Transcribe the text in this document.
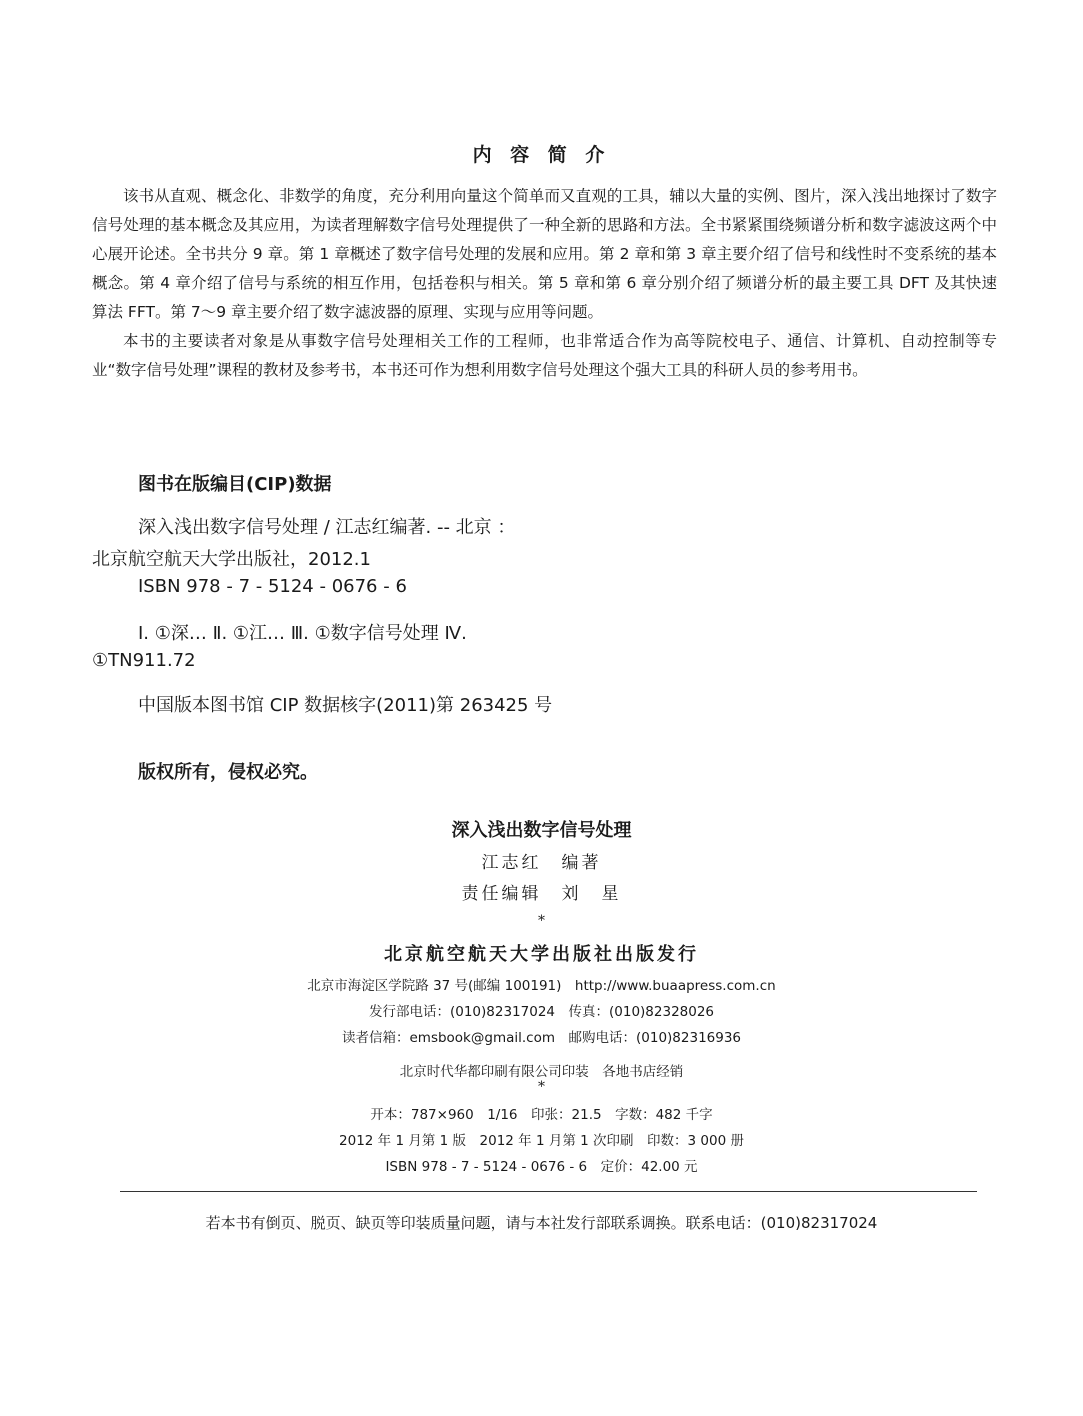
内 容 简 介

该书从直观、概念化、非数学的角度，充分利用向量这个简单而又直观的工具，辅以大量的实例、图片，深入浅出地探讨了数字信号处理的基本概念及其应用，为读者理解数字信号处理提供了一种全新的思路和方法。全书紧紧围绕频谱分析和数字滤波这两个中心展开论述。全书共分 9 章。第 1 章概述了数字信号处理的发展和应用。第 2 章和第 3 章主要介绍了信号和线性时不变系统的基本概念。第 4 章介绍了信号与系统的相互作用，包括卷积与相关。第 5 章和第 6 章分别介绍了频谱分析的最主要工具 DFT 及其快速算法 FFT。第 7～9 章主要介绍了数字滤波器的原理、实现与应用等问题。

本书的主要读者对象是从事数字信号处理相关工作的工程师，也非常适合作为高等院校电子、通信、计算机、自动控制等专业“数字信号处理”课程的教材及参考书，本书还可作为想利用数字信号处理这个强大工具的科研人员的参考用书。

图书在版编目(CIP)数据
深入浅出数字信号处理 / 江志红编著. -- 北京 ：
北京航空航天大学出版社，2012.1
ISBN 978 - 7 - 5124 - 0676 - 6
Ⅰ. ①深… Ⅱ. ①江… Ⅲ. ①数字信号处理 Ⅳ.
①TN911.72
中国版本图书馆 CIP 数据核字(2011)第 263425 号
版权所有，侵权必究。
深入浅出数字信号处理
江志红　编著
责任编辑　刘　星
*
北京航空航天大学出版社出版发行
北京市海淀区学院路 37 号(邮编 100191)　http://www.buaapress.com.cn
发行部电话：(010)82317024　传真：(010)82328026
读者信箱：emsbook@gmail.com　邮购电话：(010)82316936
北京时代华都印刷有限公司印装　各地书店经销
*
开本：787×960　1/16　印张：21.5　字数：482 千字
2012 年 1 月第 1 版　2012 年 1 月第 1 次印刷　印数：3 000 册
ISBN 978 - 7 - 5124 - 0676 - 6　定价：42.00 元
若本书有倒页、脱页、缺页等印装质量问题，请与本社发行部联系调换。联系电话：(010)82317024
